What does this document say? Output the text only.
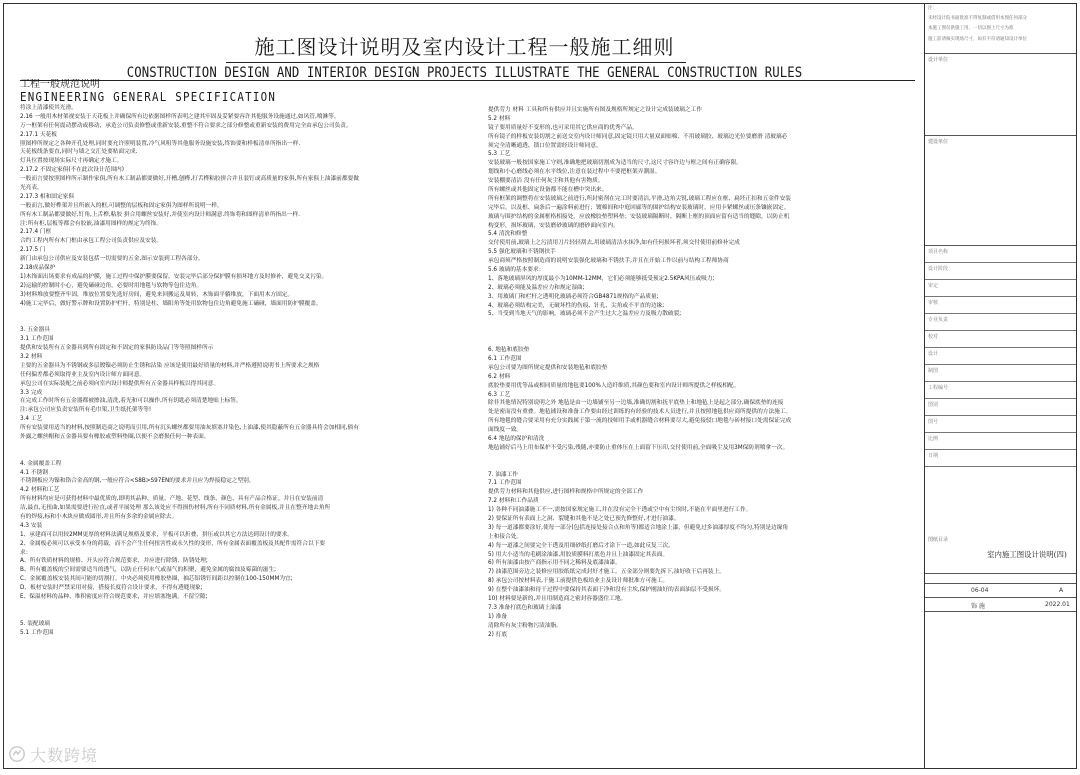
施工图设计说明及室内设计工程一般施工细则
CONSTRUCTION DESIGN AND INTERIOR DESIGN PROJECTS ILLUSTRATE THE GENERAL CONSTRUCTION RULES

工程一般规范说明

ENGINEERING GENERAL SPECIFICATION

将涂上清漆使其光滑。

2.16 一般用木材架视安装于天花板上并确保所有边依据图样所表明之建其牢固及妥紧要容许其他服务设施通过,如风管,喷淋等。

万一框架有任何震动摆动或移动，承造公司负责修整或重新安装,重整不符合要求之部分修整或重新安装的费用完全由承包公司负责。

2.17.1 天花板

照图样所规定之各种开孔处理,同时要允许照明装置,冷气风咀等其他服务设施安装,终饰要和样板清单所指出一样.

天花板线条要直,同时与墙之交汇处要贴面完成.

灯具位置按现场实际尺寸再确定才施工。

2.17.2 不固定家俱(不在此次设计范围内)

一般而言要按照图样所示制作家俱,所有木工制品都要做好,开槽,刨榫,打舌榫粘胶拼合并且装钉或高质量的家俱,所有家俱上油漆前都要做

光亮表。

2.17.3 相和固定家俱

一般而言,做好榫架并且所嵌入的框,可调整的层板和固定家俱为图样所说明一样。

所有木工制品都要做好,钉角,上舌榫,粘胶 拼合用螺丝安装好,并使室内设计师满意.终饰将和图样清单所指出一样.

注:所有柜,层板等都会有胶嵌,油漆用图样的规定为终饰。

2.17.4 门框

合约工程内所有木门框由承包工程公司负责供应及安装。

2.17.5 门

新门由承包公司供应及安装包括一切需要的五金,图示安装到工程各部分。

2.18成品保护

1)木饰面出场要求有成品的护膜，施工过程中保护膜要保留，安装完毕后部分保护膜有损坏地方及时修补，避免交叉污染。

2)运输的控制时小心，避免磕碰边角，必要时用地毯与软物等包住边角。

3)材料堆放要整齐牢固，堆放位置要先选好房间，避免来回搬运及周转，木饰面平躺堆放，下面用木方固定。

4)施工完毕后，做好警示牌和设置防护栏杆，特别是柱、墙阳角等处用软物包住边角避免施工磕碰，墙面用防护膜覆盖。

3. 五金器具

3.1 工作范围

提供和安装所有五金器具到所有固定和不固定的家俱防设品门等等照图样所示

3.2 材料

主要的五金器具为不锈钢或多层镀镍必须防止生锈和沾染 应该是使用最好质量的材料,并严格遵照说明书上所要求之规格

任何偏差都必须取得业主及室内设计师方面同意。

承包公司在实际装配之前必须向室内设计师提供所有五金器具样板以得其同意。

3.3 完成

在完成工作时所有五金器都被擦油,清洗,着光和可以操作,所有钥匙必须清楚地贴上标签。

注:承包公司应负责安装所有毛巾架,卫生纸托架等等!

3.4 工艺

所有安装要用适当的材料,按照制造商之说明而引用,所有沉头螺丝都要用油灰填塞并染色,上油漆,使其隐蔽所有五金器具将会加相同,倘有

外露之螺丝帽和五金器具要有橡胶或塑料垫圈,以便不会磨损任何一种表面。

4. 金属覆盖工程

4.1 不锈钢

不锈钢板应为镍和铬合金高的钢,一般应符合<S8B>S97EN的要求并且应为焊接稳定之型别。

4.2 材料和工艺

所有材料均应是可获得材料中最优质的,即明其品种、质量、产地、花型、线条、颜色、具有产品合格证。并且在安装前清

洁,最直,无扭曲,如果需要进行拉直,或者平展处理 那么该处应不得损伤材料,所有不同质材料,所有金属板,并且在整齐地去角所

有的焊接,标和小木块应做成圆形,并且所有多余的金属应除去。

4.3 安装

1、承建商可以用较2MM更厚的材料法满足规格及要求，平板可以折叠、拼压或以其它方法达到设计的要求。

2、金属板必须可以承受本身的荷载，而不会产生任何扭害性或永久性的变形，所有金属表面覆盖板及其配件需符合以下要

求：

A、所有铁质材料的规格、开头应符合规范要求，并应进行除锈、防锈处理;

B、所有覆盖板的空间需要适当的透气，以防止任何水气或湿气的积聚，避免金属的腐蚀及霉菌的滋生;

C、金属覆盖板安装其间可能的切割打。中央必须使用橡胶垫圈，抽芯铝锈钉间距以控制在100-150MM为宜;

D、板材安装时严禁采用对接，搭接长度符合设计要求，不得有透缝现象;

E、保温材料的品种、堆积密度应符合规范要求，并应填塞饱满，不留空隙;

5. 装配玻璃

5.1 工作范围

提供劳力 材料 工具和所有供应并且实施所有图及规格所规定之设计完成装玻璃之工作

5.2 材料

镜子要用质量好不变形的,也可采用其它供应商的优秀产品。

所有镜子的样板安装切割之前送交室内设计师同意,固定镜只用大量双面贴棉、不用玻璃胶、玻璃边光位要磨滑 清玻璃必

须完全清晰通透、锁口位置需经设计师同意。

5.3 工艺

安装玻璃一般按国家施工守则,准确地把玻璃切割成为适当的尺寸,这尺寸容许边与框之间有正确容限。

划线和小心磨线必须在水平线位,注意在装过程中不要把框架弄潮湿。

安装棚要清洁 没有任何灰尘和其他有害物质。

所有螺丝或其他固定设备都不能在槽中突出来。

所有框架的调整将在安装玻璃之前进行,所封密剂在完工时要清洁,平滑,边角尖锐,玻璃工程应在框、扁坯正扣和五金件安装

完毕后。以及框、扁条后一遍涂料前进行；镀棉间和中庭回廊等的围护结构安装玻璃时，应用卡紧螺丝或压条镶嵌固定。

玻璃与围护结构的金属框格相接处，应放橡胶垫塑料垫；安装玻璃隔断时，隔断上框的顶面应留有适当的缝隙，以防止机

构变形，损坏玻璃，安装磨砂玻璃的磨砂面向室内。

5.4 清洗和修整

交付使用前,玻璃上之污渍用刀片轻轻刮去,用玻璃清洁水抹净,如有任何损坏者,须交付使用前修补完成

5.5 强化玻璃和不锈钢扶手

承包商须严格按照制造商的说明安装强化玻璃和不锈扶手,并且在开始工作以前与结构工程师协商

5.6 玻璃的基本要求：

1、落地玻璃屏风的厚度最小为10MM-12MM，它们必须能够抵受预定2.5KPA风压或吸力;

2、玻璃必须能及温差应力和规定湿曲;

3、用玻璃门和栏杆之透明化玻璃必须符合GB4871规格的产品质量;

4、玻璃必须结构完美，无破坏性的伤痕、针孔、尖角或不平直的边缘;

5、当受到当地天气的影响，玻璃必须不会产生过大之温差应力及吸力散破裂;

6. 地毡和底胶垫

6.1 工作范围

承包公司要为图所规定提供和安装地毡和底胶垫

6.2 材料

底胶垫要用优等品或相同质量的地毡要100%人造纤维质,其颜色要和室内设计师所提供之样板相配。

6.3 工艺

除非其他情况特别说明之外 地毡是由一边墙铺至另一边墙,准确切割和抚平底垫上和地毡上是起之部分,确保底垫的连接

处是密而没有重叠。地毡铺设和准备工作要由经过训练的有经验的技术人员进行,并且按照地毡供应商所提供的方法施工。

所有地毯的缝合要采用有充分实践属于第一流的技师用手或机器缝合材料要尽大,避免接驳口地毯与砖材接口处需保证完成

面线度一致。

6.4 地毡的保护和清洗

地毡铺好后马上用布保护不受污染,残随,亦要防止重体压在上面留下压印,交付使用前,全面吸尘及用3M保防剂喷拿一次。

7. 油漆工作

7.1 工作范围

提供劳力材料和其他供应,进行图样和规格中所规定的全部工作

7.2 材料和工作品质

1) 各种不同油漆施工不一,需按国家规定施工,并在没有完全干透或空中有尘埃时,不能在平面里进行工作。

2) 要保证所有表面上之洞、裂缝和其他不是之处已预先修整好,才进行油漆。

3) 每一道漆都要涂好,使每一部分(包括连接处接合点和角等)都适合地涂上漆，但避免过多油漆厚度不均匀,特别是边缘角

上和接合处。

4) 每一道漆之间要完全干透及用细砂纸打磨后才涂下一道,如此反复三次。

5) 用大小适当的毛刷涂油漆,用胶质膜料打底色并且上油漆固定其表面。

6) 所有油漆由按产商指示用不同之稀料及底漆油漆。

7) 油漆范围旁边之装修应用胶纸纸完成封好才施工。五金部分则要先拆下,油好收干后再装上。

8) 承包公司按材料表,于施工前提供色板给业主及设计师批准方可施工。

9) 在整个油漆油和待干过程中要保持其表面干净和没有尘埃,保护刚油好的表面油层不受损坏。

10) 材料要是新的,并且用制造商之密封容器盛住工地。

7.3 准备打底色和玻璃上油漆

1) 准备

清除所有灰尘粉物污渍油脂。

2) 打底

注：
未经设计院书面批准不得复制或借用本图任何部分
本施工图仅供施工用，一切以图上尺寸为准
施工前请核实现场尺寸，如有不符请通知设计单位
设计单位
建设单位
项目名称
设计阶段
审定
审核
专业负责
校对
设计
制图
工程编号
图别
图号
比例
日期
图纸目录
室内施工图设计说明(四)
06-04	A
饰 施	2022.01
大数跨境
